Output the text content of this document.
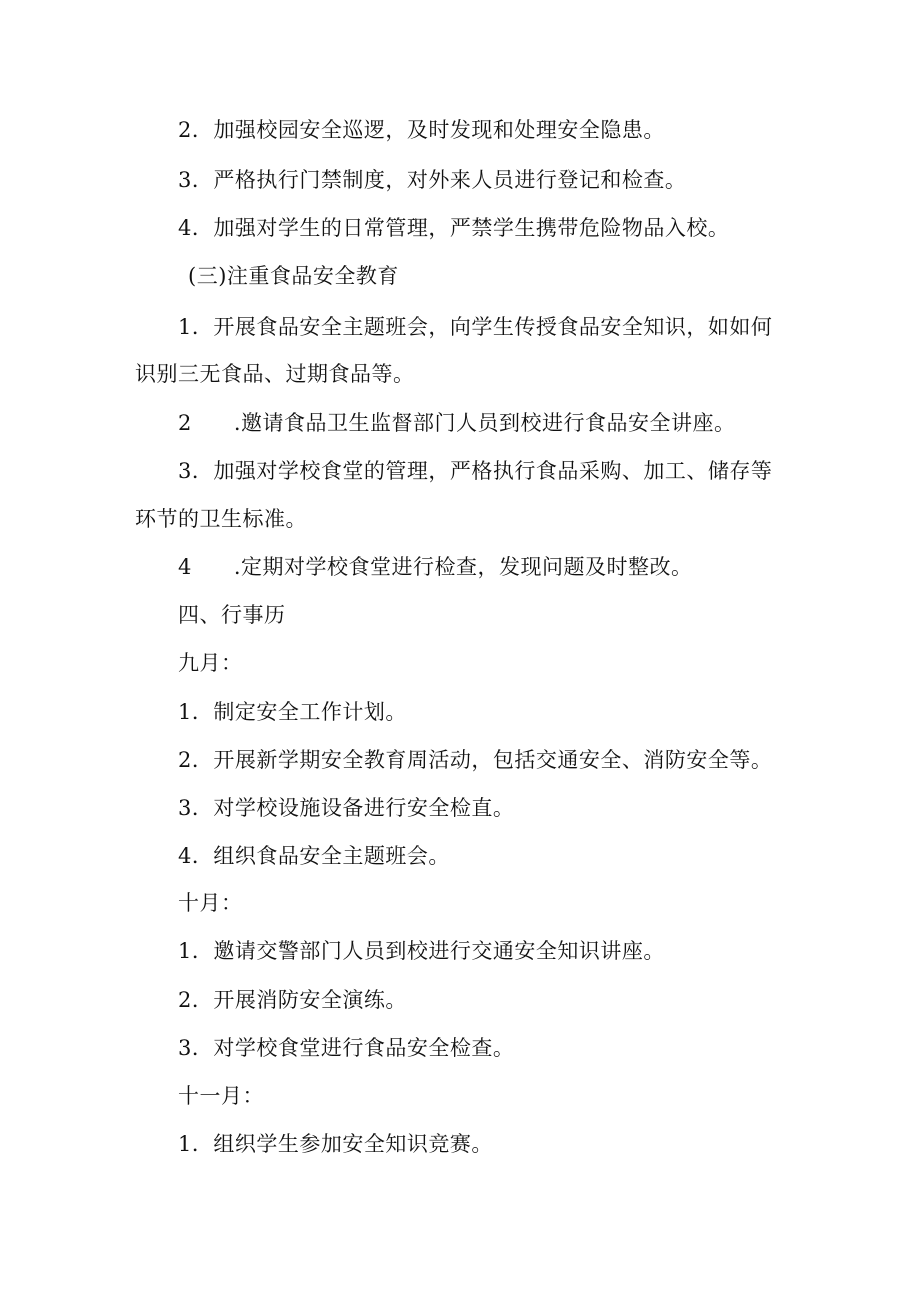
2．加强校园安全巡逻，及时发现和处理安全隐患。
3．严格执行门禁制度，对外来人员进行登记和检查。
4．加强对学生的日常管理，严禁学生携带危险物品入校。
(三)注重食品安全教育
1．开展食品安全主题班会，向学生传授食品安全知识，如如何
识别三无食品、过期食品等。
2 .邀请食品卫生监督部门人员到校进行食品安全讲座。
3．加强对学校食堂的管理，严格执行食品采购、加工、储存等
环节的卫生标准。
4 .定期对学校食堂进行检查，发现问题及时整改。
四、行事历
九月：
1．制定安全工作计划。
2．开展新学期安全教育周活动，包括交通安全、消防安全等。
3．对学校设施设备进行安全检直。
4．组织食品安全主题班会。
十月：
1．邀请交警部门人员到校进行交通安全知识讲座。
2．开展消防安全演练。
3．对学校食堂进行食品安全检查。
十一月：
1．组织学生参加安全知识竞赛。
